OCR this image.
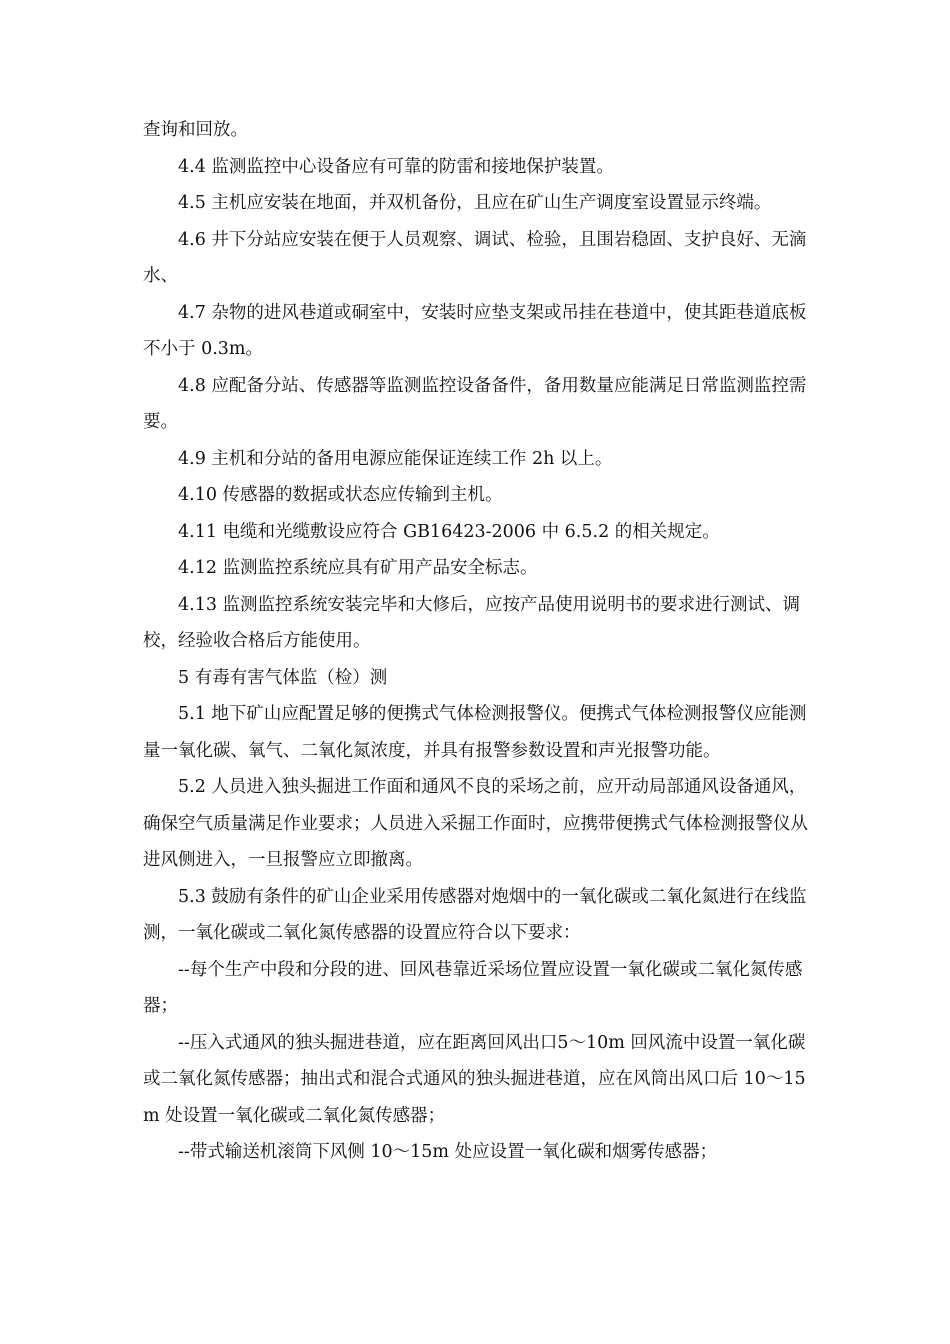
查询和回放。

4.4 监测监控中心设备应有可靠的防雷和接地保护装置。

4.5 主机应安装在地面，并双机备份，且应在矿山生产调度室设置显示终端。

4.6 井下分站应安装在便于人员观察、调试、检验，且围岩稳固、支护良好、无滴水、

4.7 杂物的进风巷道或硐室中，安装时应垫支架或吊挂在巷道中，使其距巷道底板不小于 0.3m。

4.8 应配备分站、传感器等监测监控设备备件，备用数量应能满足日常监测监控需要。

4.9 主机和分站的备用电源应能保证连续工作 2h 以上。

4.10 传感器的数据或状态应传输到主机。

4.11 电缆和光缆敷设应符合 GB16423-2006 中 6.5.2 的相关规定。

4.12 监测监控系统应具有矿用产品安全标志。

4.13 监测监控系统安装完毕和大修后，应按产品使用说明书的要求进行测试、调校，经验收合格后方能使用。

5 有毒有害气体监（检）测

5.1 地下矿山应配置足够的便携式气体检测报警仪。便携式气体检测报警仪应能测量一氧化碳、氧气、二氧化氮浓度，并具有报警参数设置和声光报警功能。

5.2 人员进入独头掘进工作面和通风不良的采场之前，应开动局部通风设备通风，确保空气质量满足作业要求；人员进入采掘工作面时，应携带便携式气体检测报警仪从进风侧进入，一旦报警应立即撤离。

5.3 鼓励有条件的矿山企业采用传感器对炮烟中的一氧化碳或二氧化氮进行在线监测，一氧化碳或二氧化氮传感器的设置应符合以下要求：

--每个生产中段和分段的进、回风巷靠近采场位置应设置一氧化碳或二氧化氮传感器；

--压入式通风的独头掘进巷道，应在距离回风出口5～10m 回风流中设置一氧化碳或二氧化氮传感器；抽出式和混合式通风的独头掘进巷道，应在风筒出风口后 10～15m 处设置一氧化碳或二氧化氮传感器；

--带式输送机滚筒下风侧 10～15m 处应设置一氧化碳和烟雾传感器；
